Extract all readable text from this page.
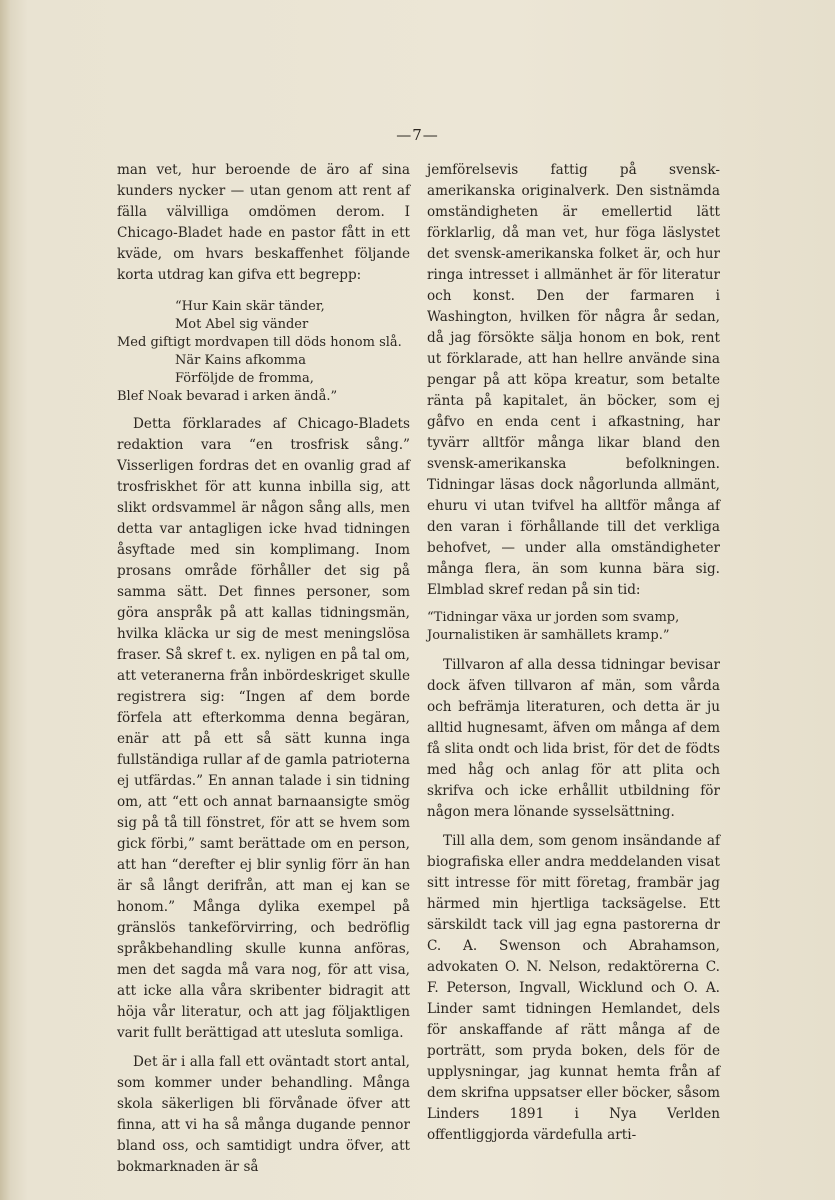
—7—

man vet, hur beroende de äro af sina kunders nycker — utan genom att rent af fälla välvilliga omdömen derom. I Chicago-Bladet hade en pastor fått in ett kväde, om hvars beskaffenhet följande korta utdrag kan gifva ett begrepp:

“Hur Kain skär tänder,
Mot Abel sig vänder
Med giftigt mordvapen till döds honom slå.
När Kains afkomma
Förföljde de fromma,
Blef Noak bevarad i arken ändå.”

Detta förklarades af Chicago-Bladets redaktion vara “en trosfrisk sång.” Visserligen fordras det en ovanlig grad af trosfriskhet för att kunna inbilla sig, att slikt ordsvammel är någon sång alls, men detta var antagligen icke hvad tidningen åsyftade med sin komplimang. Inom prosans område förhåller det sig på samma sätt. Det finnes personer, som göra anspråk på att kallas tidningsmän, hvilka kläcka ur sig de mest meningslösa fraser. Så skref t. ex. nyligen en på tal om, att veteranerna från inbördeskriget skulle registrera sig: “Ingen af dem borde förfela att efterkomma denna begäran, enär att på ett så sätt kunna inga fullständiga rullar af de gamla patrioterna ej utfärdas.” En annan talade i sin tidning om, att “ett och annat barnaansigte smög sig på tå till fönstret, för att se hvem som gick förbi,” samt berättade om en person, att han “derefter ej blir synlig förr än han är så långt derifrån, att man ej kan se honom.” Många dylika exempel på gränslös tankeförvirring, och bedröflig språkbehandling skulle kunna anföras, men det sagda må vara nog, för att visa, att icke alla våra skribenter bidragit att höja vår literatur, och att jag följaktligen varit fullt berättigad att utesluta somliga.

Det är i alla fall ett oväntadt stort antal, som kommer under behandling. Många skola säkerligen bli förvånade öfver att finna, att vi ha så många dugande pennor bland oss, och samtidigt undra öfver, att bokmarknaden är så

jemförelsevis fattig på svensk-amerikanska originalverk. Den sistnämda omständigheten är emellertid lätt förklarlig, då man vet, hur föga läslystet det svensk-amerikanska folket är, och hur ringa intresset i allmänhet är för literatur och konst. Den der farmaren i Washington, hvilken för några år sedan, då jag försökte sälja honom en bok, rent ut förklarade, att han hellre använde sina pengar på att köpa kreatur, som betalte ränta på kapitalet, än böcker, som ej gåfvo en enda cent i afkastning, har tyvärr alltför många likar bland den svensk-amerikanska befolkningen. Tidningar läsas dock någorlunda allmänt, ehuru vi utan tvifvel ha alltför många af den varan i förhållande till det verkliga behofvet, — under alla omständigheter många flera, än som kunna bära sig. Elmblad skref redan på sin tid:

“Tidningar växa ur jorden som svamp,
Journalistiken är samhällets kramp.”

Tillvaron af alla dessa tidningar bevisar dock äfven tillvaron af män, som vårda och befrämja literaturen, och detta är ju alltid hugnesamt, äfven om många af dem få slita ondt och lida brist, för det de födts med håg och anlag för att plita och skrifva och icke erhållit utbildning för någon mera lönande sysselsättning.

Till alla dem, som genom insändande af biografiska eller andra meddelanden visat sitt intresse för mitt företag, frambär jag härmed min hjertliga tacksägelse. Ett särskildt tack vill jag egna pastorerna dr C. A. Swenson och Abrahamson, advokaten O. N. Nelson, redaktörerna C. F. Peterson, Ingvall, Wicklund och O. A. Linder samt tidningen Hemlandet, dels för anskaffande af rätt många af de porträtt, som pryda boken, dels för de upplysningar, jag kunnat hemta från af dem skrifna uppsatser eller böcker, såsom Linders 1891 i Nya Verlden offentliggjorda värdefulla arti-
